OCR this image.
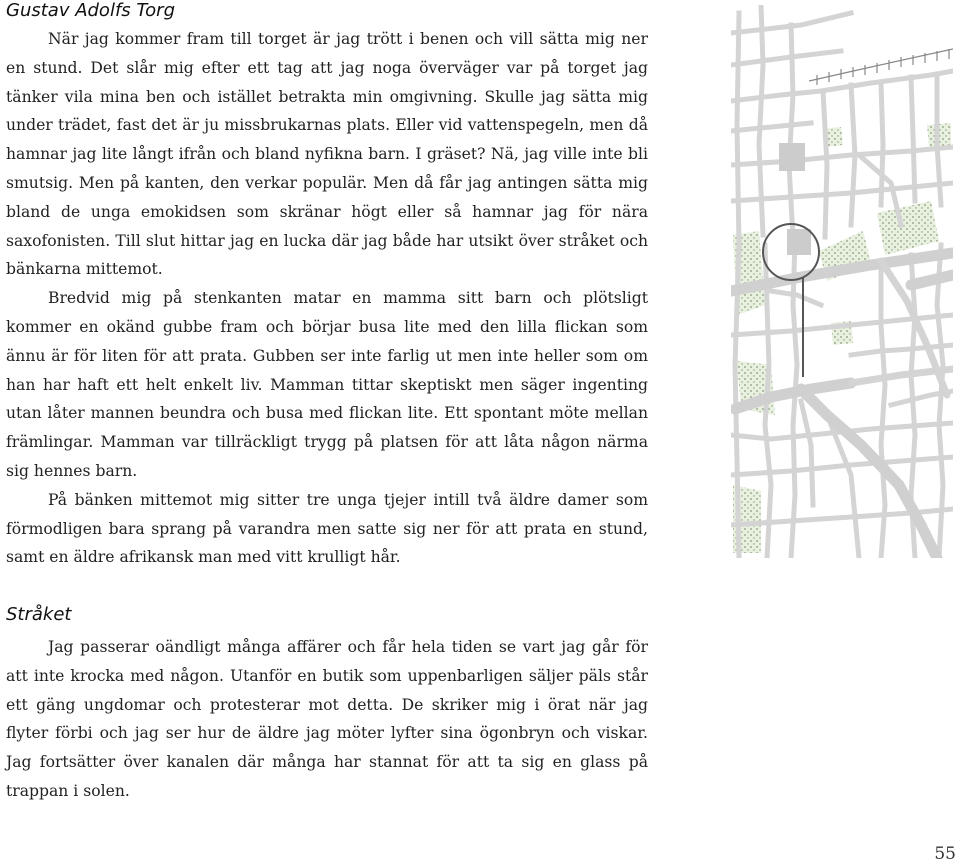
Gustav Adolfs Torg

När jag kommer fram till torget är jag trött i benen och vill sätta mig ner en stund. Det slår mig efter ett tag att jag noga överväger var på torget jag tänker vila mina ben och istället betrakta min omgivning. Skulle jag sätta mig under trädet, fast det är ju missbrukarnas plats. Eller vid vattenspegeln, men då hamnar jag lite långt ifrån och bland nyfikna barn. I gräset? Nä, jag ville inte bli smutsig. Men på kanten, den verkar populär. Men då får jag antingen sätta mig bland de unga emokidsen som skränar högt eller så hamnar jag för nära saxofonisten. Till slut hittar jag en lucka där jag både har utsikt över stråket och bänkarna mittemot.

Bredvid mig på stenkanten matar en mamma sitt barn och plötsligt kommer en okänd gubbe fram och börjar busa lite med den lilla flickan som ännu är för liten för att prata. Gubben ser inte farlig ut men inte heller som om han har haft ett helt enkelt liv. Mamman tittar skeptiskt men säger ingenting utan låter mannen beundra och busa med flickan lite. Ett spontant möte mellan främlingar. Mamman var tillräckligt trygg på platsen för att låta någon närma sig hennes barn.

På bänken mittemot mig sitter tre unga tjejer intill två äldre damer som förmodligen bara sprang på varandra men satte sig ner för att prata en stund, samt en äldre afrikansk man med vitt krulligt hår.

Stråket

Jag passerar oändligt många affärer och får hela tiden se vart jag går för att inte krocka med någon. Utanför en butik som uppenbarligen säljer päls står ett gäng ungdomar och protesterar mot detta. De skriker mig i örat när jag flyter förbi och jag ser hur de äldre jag möter lyfter sina ögonbryn och viskar. Jag fortsätter över kanalen där många har stannat för att ta sig en glass på trappan i solen.

55
